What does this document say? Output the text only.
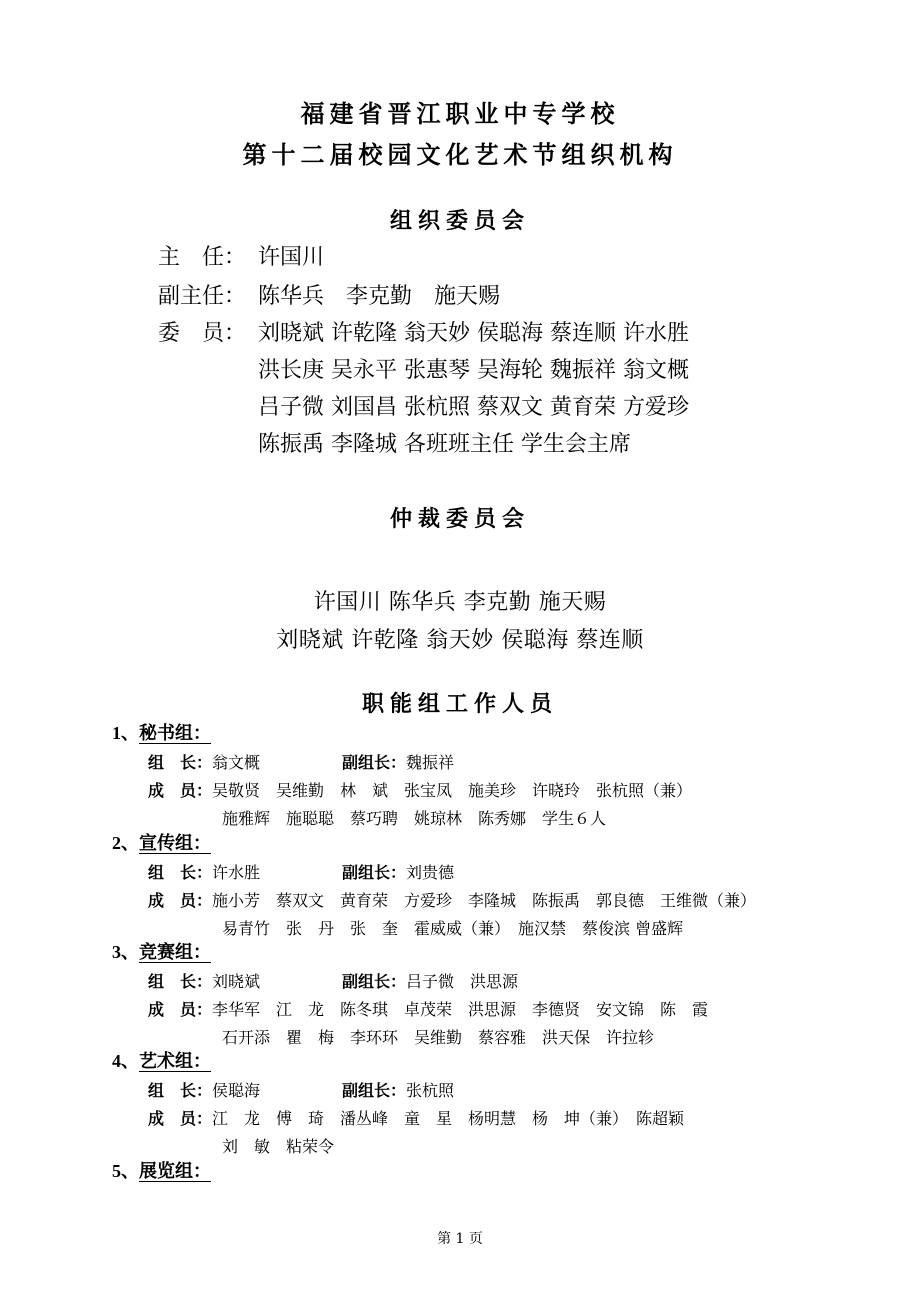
福建省晋江职业中专学校
第十二届校园文化艺术节组织机构
组织委员会
主　任： 许国川
副主任： 陈华兵　李克勤　施天赐
委　员： 刘晓斌 许乾隆 翁天妙 侯聪海 蔡连顺 许水胜
洪长庚 吴永平 张惠琴 吴海轮 魏振祥 翁文概
吕子微 刘国昌 张杭照 蔡双文 黄育荣 方爱珍
陈振禹 李隆城 各班班主任 学生会主席
仲裁委员会
许国川 陈华兵 李克勤 施天赐
刘晓斌 许乾隆 翁天妙 侯聪海 蔡连顺
职能组工作人员
1、秘书组：
组　长：翁文概	副组长：魏振祥
成　员：吴敬贤　吴维勤　林　斌　张宝凤　施美珍　许晓玲　张杭照（兼）
施雅辉　施聪聪　蔡巧聘　姚琼林　陈秀娜　学生６人
2、宣传组：
组　长：许水胜	副组长：刘贵德
成　员：施小芳　蔡双文　黄育荣　方爱珍　李隆城　陈振禹　郭良德　王维微（兼）
易青竹　张　丹　张　奎　霍威威（兼）　施汉禁　蔡俊滨 曾盛辉
3、竞赛组：
组　长：刘晓斌	副组长：吕子微　洪思源
成　员：李华军　江　龙　陈冬琪　卓茂荣　洪思源　李德贤　安文锦　陈　霞
石开添　瞿　梅　李环环　吴维勤　蔡容雅　洪天保　许拉轸
4、艺术组：
组　长：侯聪海	副组长：张杭照
成　员：江　龙　傅　琦　潘丛峰　童　星　杨明慧　杨　坤（兼）　陈超颖
刘　敏　粘荣令
5、展览组：
第 1 页
